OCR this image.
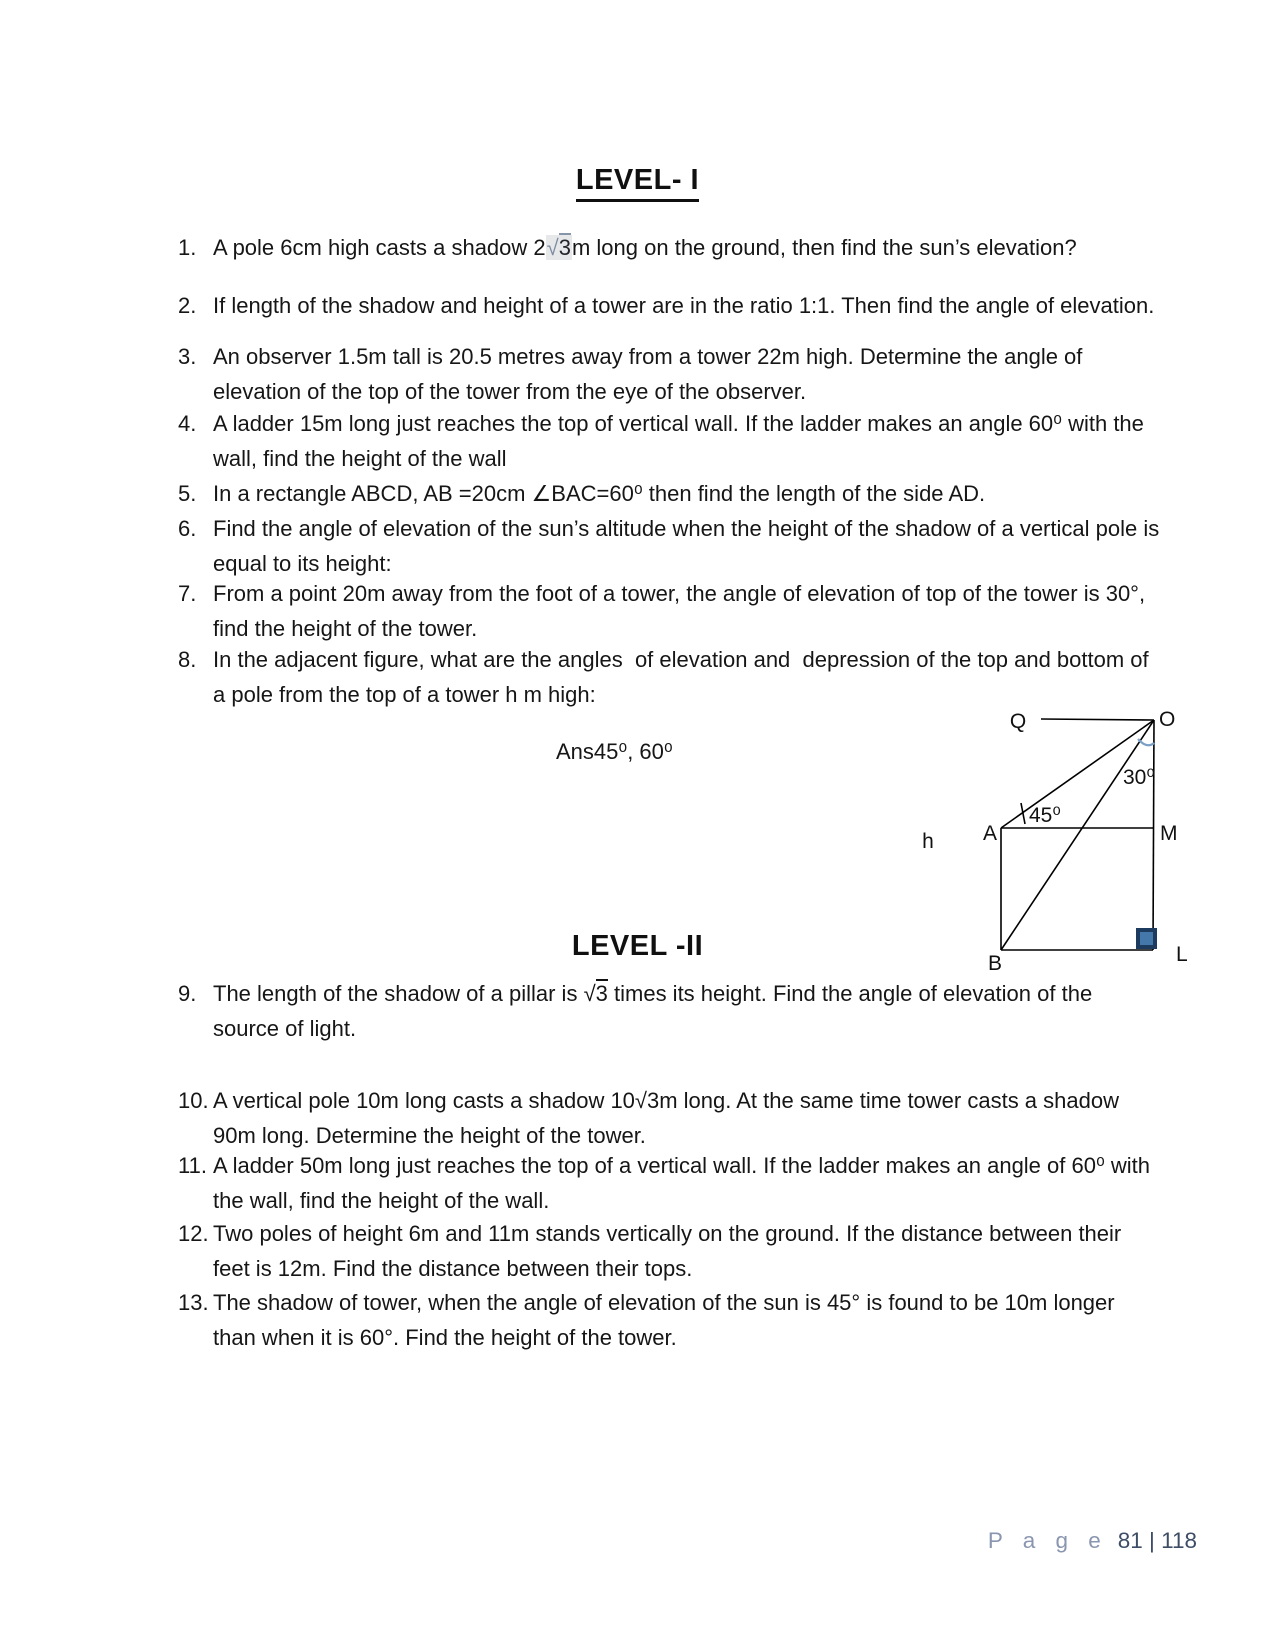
LEVEL- I
1. A pole 6cm high casts a shadow 2√3m long on the ground, then find the sun’s elevation?
2. If length of the shadow and height of a tower are in the ratio 1:1. Then find the angle of elevation.
3. An observer 1.5m tall is 20.5 metres away from a tower 22m high. Determine the angle of elevation of the top of the tower from the eye of the observer.
4. A ladder 15m long just reaches the top of vertical wall. If the ladder makes an angle 60⁰ with the wall, find the height of the wall
5. In a rectangle ABCD, AB =20cm ∠BAC=60⁰ then find the length of the side AD.
6. Find the angle of elevation of the sun’s altitude when the height of the shadow of a vertical pole is equal to its height:
7. From a point 20m away from the foot of a tower, the angle of elevation of top of the tower is 30°, find the height of the tower.
8. In the adjacent figure, what are the angles  of elevation and  depression of the top and bottom of a pole from the top of a tower h m high:
Ans45⁰, 60⁰
Q	O
A	M
B	L
h
30⁰
45⁰
LEVEL -II
9. The length of the shadow of a pillar is √3 times its height. Find the angle of elevation of the source of light.
10. A vertical pole 10m long casts a shadow 10√3m long. At the same time tower casts a shadow 90m long. Determine the height of the tower.
11. A ladder 50m long just reaches the top of a vertical wall. If the ladder makes an angle of 60⁰ with the wall, find the height of the wall.
12. Two poles of height 6m and 11m stands vertically on the ground. If the distance between their feet is 12m. Find the distance between their tops.
13. The shadow of tower, when the angle of elevation of the sun is 45° is found to be 10m longer than when it is 60°. Find the height of the tower.
P a g e 81 | 118
